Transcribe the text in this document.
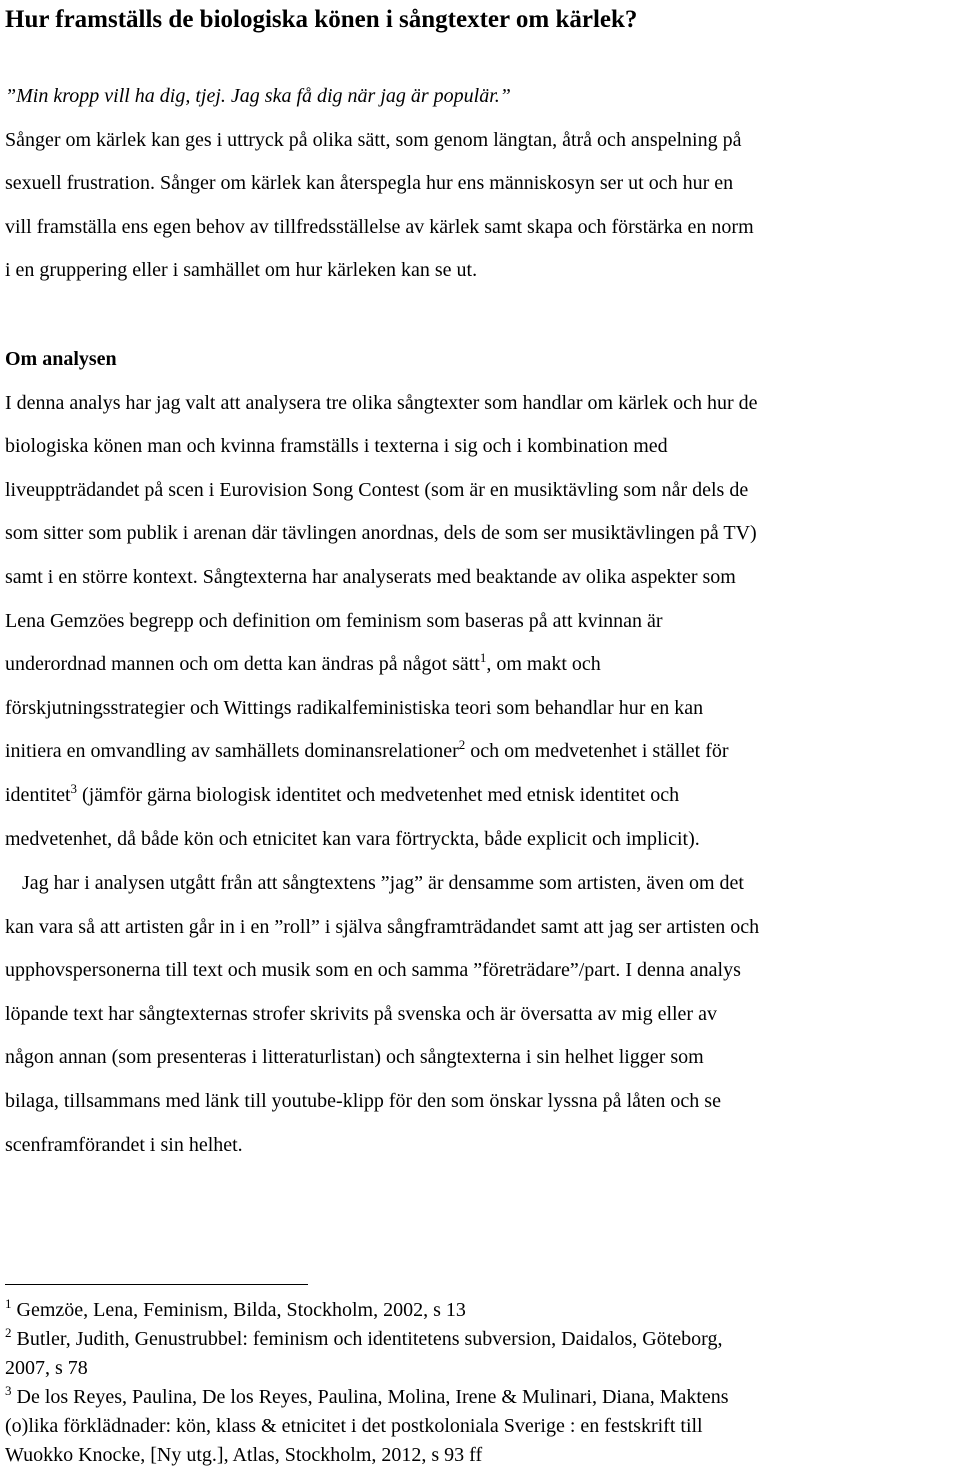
Hur framställs de biologiska könen i sångtexter om kärlek?
”Min kropp vill ha dig, tjej. Jag ska få dig när jag är populär.”
Sånger om kärlek kan ges i uttryck på olika sätt, som genom längtan, åtrå och anspelning på
sexuell frustration. Sånger om kärlek kan återspegla hur ens människosyn ser ut och hur en
vill framställa ens egen behov av tillfredsställelse av kärlek samt skapa och förstärka en norm
i en gruppering eller i samhället om hur kärleken kan se ut.
Om analysen
I denna analys har jag valt att analysera tre olika sångtexter som handlar om kärlek och hur de
biologiska könen man och kvinna framställs i texterna i sig och i kombination med
liveuppträdandet på scen i Eurovision Song Contest (som är en musiktävling som når dels de
som sitter som publik i arenan där tävlingen anordnas, dels de som ser musiktävlingen på TV)
samt i en större kontext. Sångtexterna har analyserats med beaktande av olika aspekter som
Lena Gemzöes begrepp och definition om feminism som baseras på att kvinnan är
underordnad mannen och om detta kan ändras på något sätt$^1$, om makt och
förskjutningsstrategier och Wittings radikalfeministiska teori som behandlar hur en kan
initiera en omvandling av samhällets dominansrelationer$^2$ och om medvetenhet i stället för
identitet$^3$ (jämför gärna biologisk identitet och medvetenhet med etnisk identitet och
medvetenhet, då både kön och etnicitet kan vara förtryckta, både explicit och implicit).
Jag har i analysen utgått från att sångtextens ”jag” är densamme som artisten, även om det
kan vara så att artisten går in i en ”roll” i själva sångframträdandet samt att jag ser artisten och
upphovspersonerna till text och musik som en och samma ”företrädare”/part. I denna analys
löpande text har sångtexternas strofer skrivits på svenska och är översatta av mig eller av
någon annan (som presenteras i litteraturlistan) och sångtexterna i sin helhet ligger som
bilaga, tillsammans med länk till youtube-klipp för den som önskar lyssna på låten och se
scenframförandet i sin helhet.
$^1$ Gemzöe, Lena, Feminism, Bilda, Stockholm, 2002, s 13
$^2$ Butler, Judith, Genustrubbel: feminism och identitetens subversion, Daidalos, Göteborg,
2007, s 78
$^3$ De los Reyes, Paulina, De los Reyes, Paulina, Molina, Irene & Mulinari, Diana, Maktens
(o)lika förklädnader: kön, klass & etnicitet i det postkoloniala Sverige : en festskrift till
Wuokko Knocke, [Ny utg.], Atlas, Stockholm, 2012, s 93 ff
